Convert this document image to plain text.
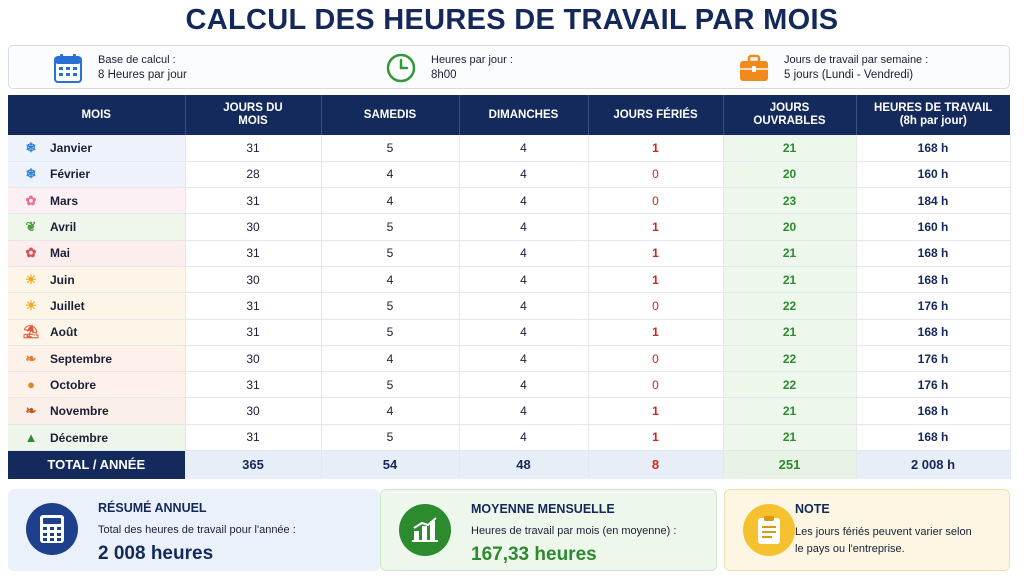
CALCUL DES HEURES DE TRAVAIL PAR MOIS
Base de calcul :
8 Heures par jour
Heures par jour :
8h00
Jours de travail par semaine :
5 jours (Lundi - Vendredi)
MOIS	JOURS DU MOIS	SAMEDIS	DIMANCHES	JOURS FÉRIÉS	JOURS OUVRABLES	HEURES DE TRAVAIL (8h par jour)
❄ Janvier	31	5	4	1	21	168 h
❄ Février	28	4	4	0	20	160 h
✿ Mars	31	4	4	0	23	184 h
❦ Avril	30	5	4	1	20	160 h
✿ Mai	31	5	4	1	21	168 h
☀ Juin	30	4	4	1	21	168 h
☀ Juillet	31	5	4	0	22	176 h
⛱ Août	31	5	4	1	21	168 h
❧ Septembre	30	4	4	0	22	176 h
● Octobre	31	5	4	0	22	176 h
❧ Novembre	30	4	4	1	21	168 h
▲ Décembre	31	5	4	1	21	168 h
TOTAL / ANNÉE	365	54	48	8	251	2 008 h
RÉSUMÉ ANNUEL
Total des heures de travail pour l'année :
2 008 heures
MOYENNE MENSUELLE
Heures de travail par mois (en moyenne) :
167,33 heures
NOTE
Les jours fériés peuvent varier selon
le pays ou l'entreprise.
